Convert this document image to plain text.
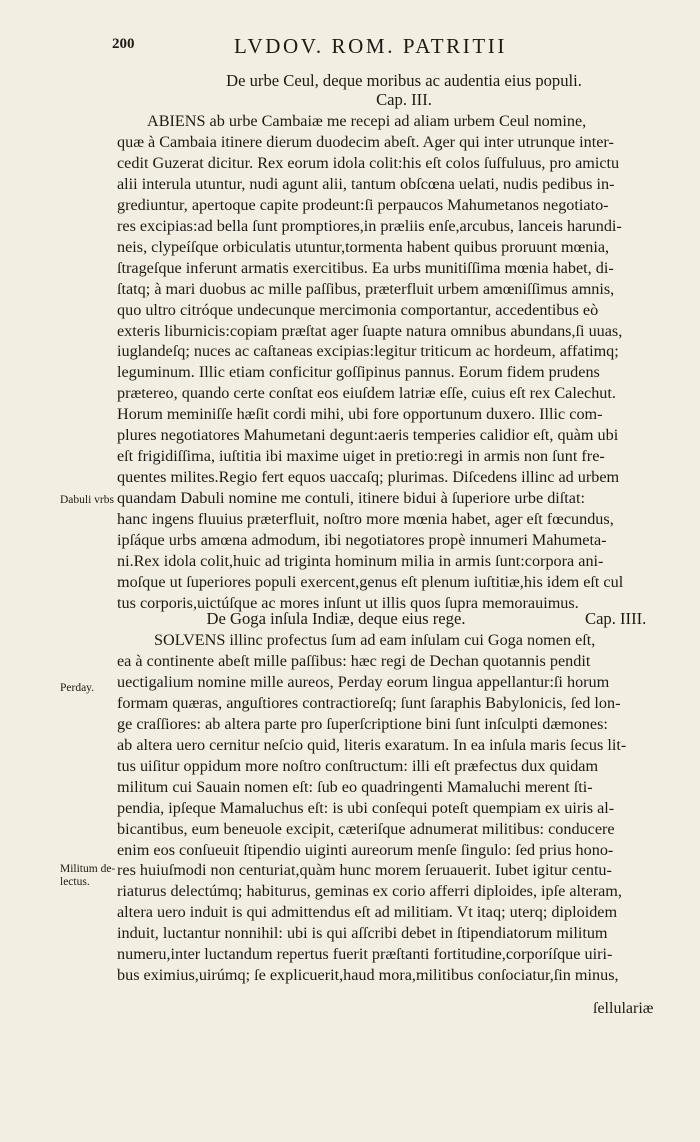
200	LVDOV. ROM. PATRITII
De urbe Ceul, deque moribus ac audentia eius populi.
Cap. III.
ABIENS ab urbe Cambaiæ me recepi ad aliam urbem Ceul nomine,
quæ à Cambaia itinere dierum duodecim abeſt. Ager qui inter utrunque inter-
cedit Guzerat dicitur. Rex eorum idola colit:his eſt colos ſuſfuluus, pro amictu
alii interula utuntur, nudi agunt alii, tantum obſcœna uelati, nudis pedibus in-
grediuntur, apertoque capite prodeunt:ſi perpaucos Mahumetanos negotiato-
res excipias:ad bella ſunt promptiores,in præliis enſe,arcubus, lanceis harundi-
neis, clypeíſque orbiculatis utuntur,tormenta habent quibus proruunt mœnia,
ſtrageſque inferunt armatis exercitibus. Ea urbs munitiſſima mœnia habet, di-
ſtatq; à mari duobus ac mille paſſibus, præterfluit urbem amœniſſimus amnis,
quo ultro citróque undecunque mercimonia comportantur, accedentibus eò
exteris liburnicis:copiam præſtat ager ſuapte natura omnibus abundans,ſi uuas,
iuglandeſq; nuces ac caſtaneas excipias:legitur triticum ac hordeum, affatimq;
leguminum. Illic etiam conficitur goſſipinus pannus. Eorum fidem prudens
prætereo, quando certe conſtat eos eiuſdem latriæ eſſe, cuius eſt rex Calechut.
Horum meminiſſe hæſit cordi mihi, ubi fore opportunum duxero. Illic com-
plures negotiatores Mahumetani degunt:aeris temperies calidior eſt, quàm ubi
eſt frigidiſſima, iuſtitia ibi maxime uiget in pretio:regi in armis non ſunt fre-
quentes milites.Regio fert equos uaccaſq; plurimas. Diſcedens illinc ad urbem
quandam Dabuli nomine me contuli, itinere bidui à ſuperiore urbe diſtat:
hanc ingens fluuius præterfluit, noſtro more mœnia habet, ager eſt fœcundus,
ipſáque urbs amœna admodum, ibi negotiatores propè innumeri Mahumeta-
ni.Rex idola colit,huic ad triginta hominum milia in armis ſunt:corpora ani-
moſque ut ſuperiores populi exercent,genus eſt plenum iuſtitiæ,his idem eſt cul
tus corporis,uictúſque ac mores inſunt ut illis quos ſupra memorauimus.
De Goga inſula Indiæ, deque eius rege.	Cap. IIII.
SOLVENS illinc profectus ſum ad eam inſulam cui Goga nomen eſt,
ea à continente abeſt mille paſſibus: hæc regi de Dechan quotannis pendit
uectigalium nomine mille aureos, Perday eorum lingua appellantur:ſi horum
formam quæras, anguſtiores contractioreſq; ſunt ſaraphis Babylonicis, ſed lon-
ge craſſiores: ab altera parte pro ſuperſcriptione bini ſunt inſculpti dæmones:
ab altera uero cernitur neſcio quid, literis exaratum. In ea inſula maris ſecus lit-
tus uiſitur oppidum more noſtro conſtructum: illi eſt præfectus dux quidam
militum cui Sauain nomen eſt: ſub eo quadringenti Mamaluchi merent ſti-
pendia, ipſeque Mamaluchus eſt: is ubi conſequi poteſt quempiam ex uiris al-
bicantibus, eum beneuole excipit, cæteriſque adnumerat militibus: conducere
enim eos conſueuit ſtipendio uiginti aureorum menſe ſingulo: ſed prius hono-
res huiuſmodi non centuriat,quàm hunc morem ſeruauerit. Iubet igitur centu-
riaturus delectúmq; habiturus, geminas ex corio afferri diploides, ipſe alteram,
altera uero induit is qui admittendus eſt ad militiam. Vt itaq; uterq; diploidem
induit, luctantur nonnihil: ubi is qui aſſcribi debet in ſtipendiatorum militum
numeru,inter luctandum repertus fuerit præſtanti fortitudine,corporíſque uiri-
bus eximius,uirúmq; ſe explicuerit,haud mora,militibus conſociatur,ſin minus,
ſellulariæ
Dabuli vrbs
Perday.
Militum de-
lectus.
